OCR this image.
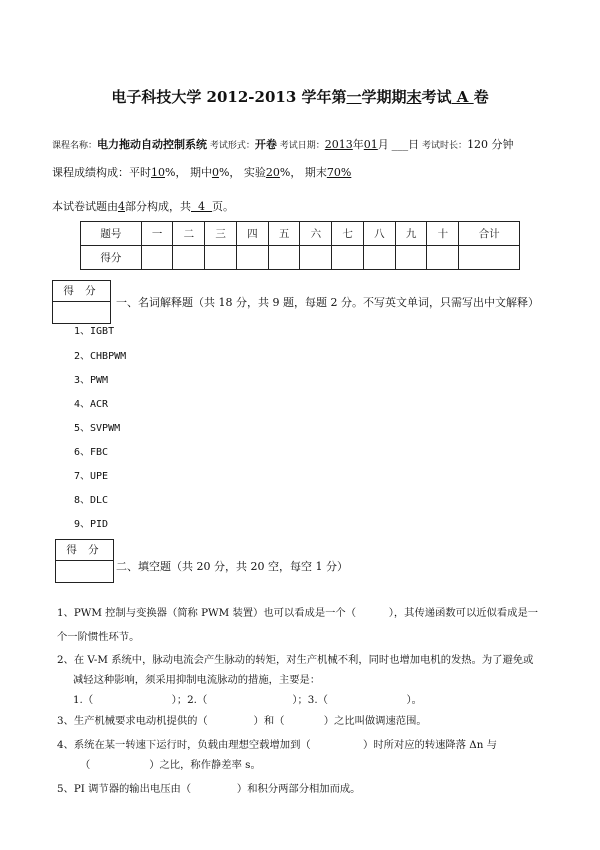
电子科技大学 2012-2013 学年第一学期期末考试 A 卷
课程名称：电力拖动自动控制系统 考试形式：开卷 考试日期：2013年01月 ___日 考试时长：120 分钟
课程成绩构成：平时10%， 期中0%， 实验20%， 期末70%
本试卷试题由4部分构成，共 4 页。
题号	一	二	三	四	五	六	七	八	九	十	合计
得分											
得 分
一、名词解释题（共 18 分，共 9 题，每题 2 分。不写英文单词，只需写出中文解释）
1、IGBT
2、CHBPWM
3、PWM
4、ACR
5、SVPWM
6、FBC
7、UPE
8、DLC
9、PID
得 分
二、填空题（共 20 分，共 20 空，每空 1 分）
1、PWM 控制与变换器（简称 PWM 装置）也可以看成是一个（          ），其传递函数可以近似看成是一
个一阶惯性环节。
2、在 V-M 系统中，脉动电流会产生脉动的转矩，对生产机械不利，同时也增加电机的发热。为了避免或
减轻这种影响，须采用抑制电流脉动的措施，主要是：
1.（                        ）；2.（                          ）；3.（                        ）。
3、生产机械要求电动机提供的（              ）和（            ）之比叫做调速范围。
4、系统在某一转速下运行时，负载由理想空载增加到（                ）时所对应的转速降落 Δn 与
（                  ）之比，称作静差率 s。
5、PI 调节器的输出电压由（              ）和积分两部分相加而成。
